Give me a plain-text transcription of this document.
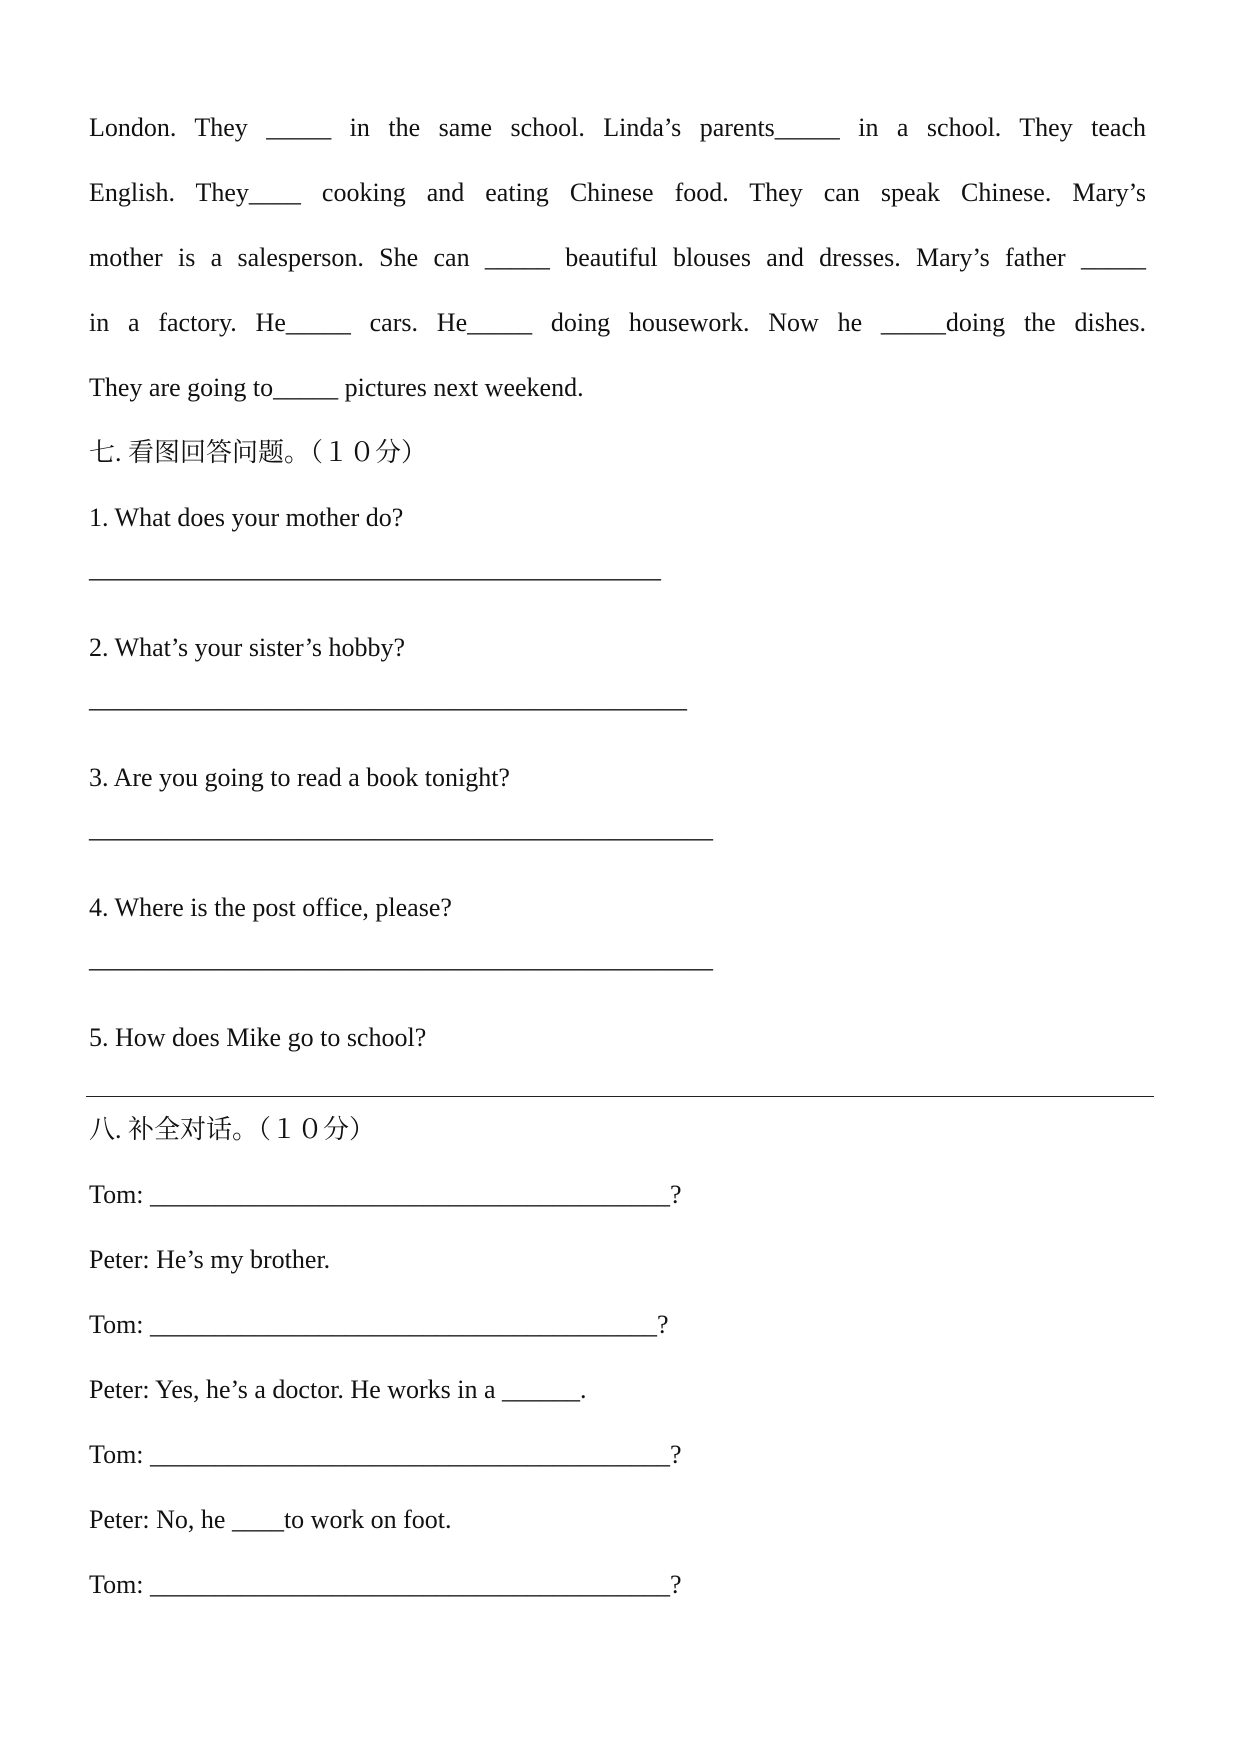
London. They _____ in the same school. Linda’s parents_____ in a school. They teach
English. They____ cooking and eating Chinese food. They can speak Chinese. Mary’s
mother is a salesperson. She can _____ beautiful blouses and dresses. Mary’s father _____
in a factory. He_____ cars. He_____ doing housework. Now he _____doing the dishes.
They are going to_____ pictures next weekend.
七. 看图回答问题。（１０分）
1. What does your mother do?
——————————————————————
2. What’s your sister’s hobby?
———————————————————————
3. Are you going to read a book tonight?
————————————————————————
4. Where is the post office, please?
————————————————————————
5. How does Mike go to school?
八. 补全对话。（１０分）
Tom: ________________________________________?
Peter: He’s my brother.
Tom: _______________________________________?
Peter: Yes, he’s a doctor. He works in a ______.
Tom: ________________________________________?
Peter: No, he ____to work on foot.
Tom: ________________________________________?
